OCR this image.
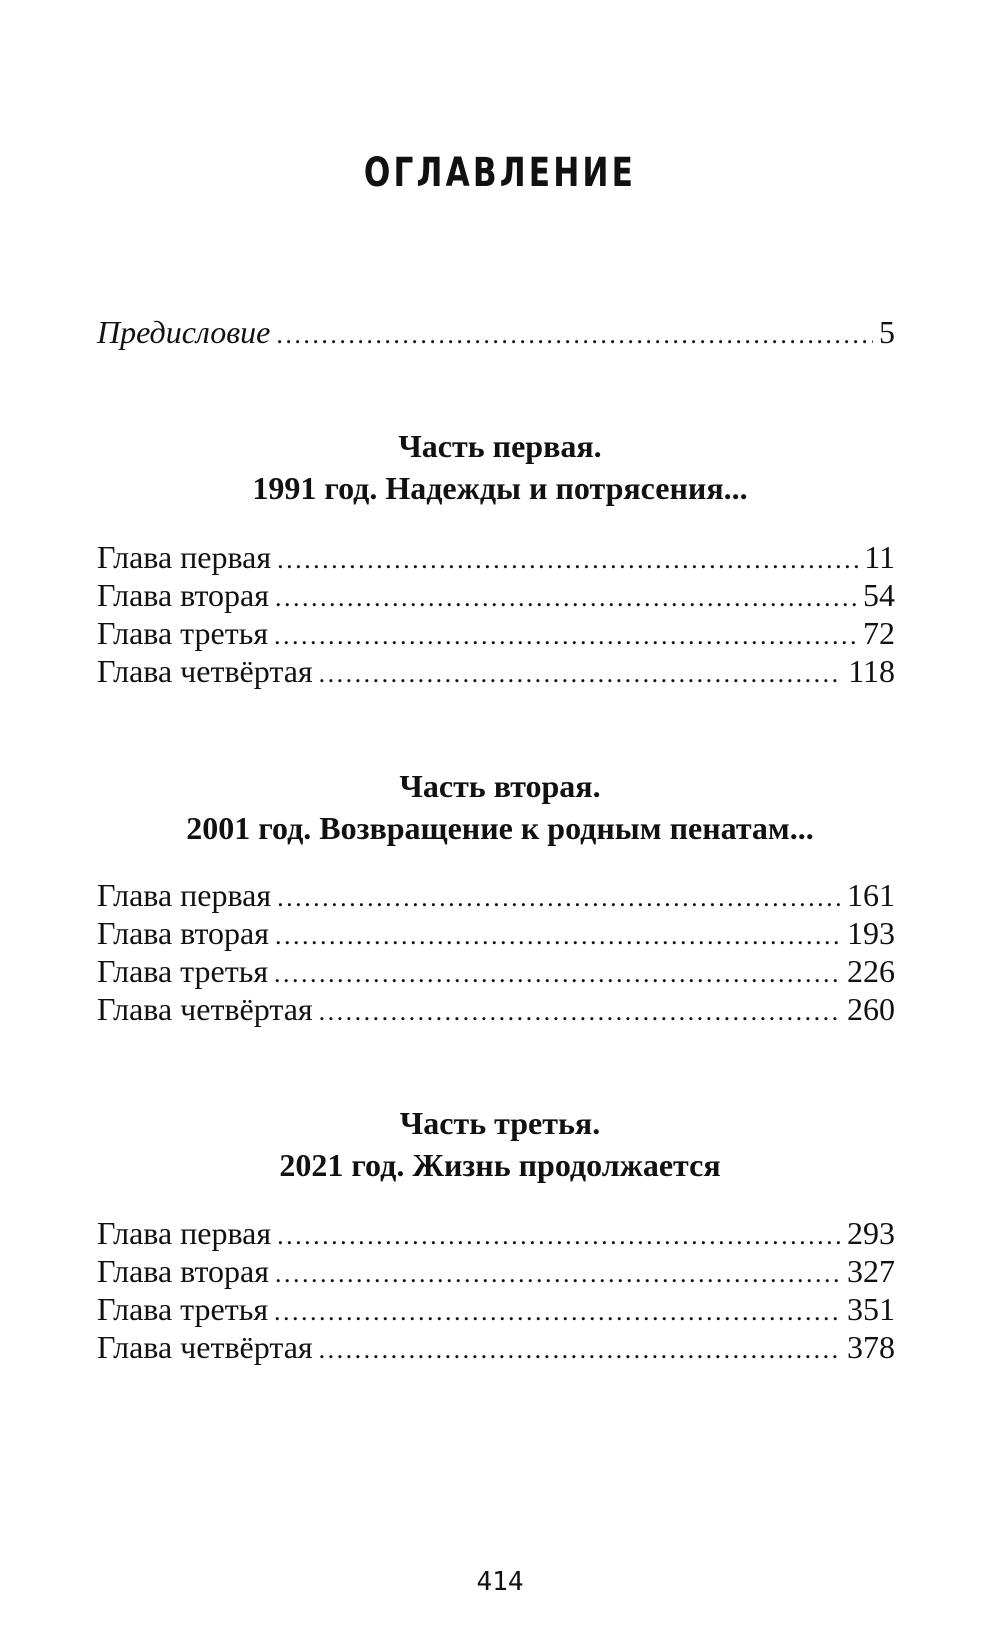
ОГЛАВЛЕНИЕ
Предисловие . . .	5
Часть первая.
1991 год. Надежды и потрясения...
Глава первая . . .	11
Глава вторая . . .	54
Глава третья . . .	72
Глава четвёртая . . .	118
Часть вторая.
2001 год. Возвращение к родным пенатам...
Глава первая . . .	161
Глава вторая . . .	193
Глава третья . . .	226
Глава четвёртая . . .	260
Часть третья.
2021 год. Жизнь продолжается
Глава первая . . .	293
Глава вторая . . .	327
Глава третья . . .	351
Глава четвёртая . . .	378
414
